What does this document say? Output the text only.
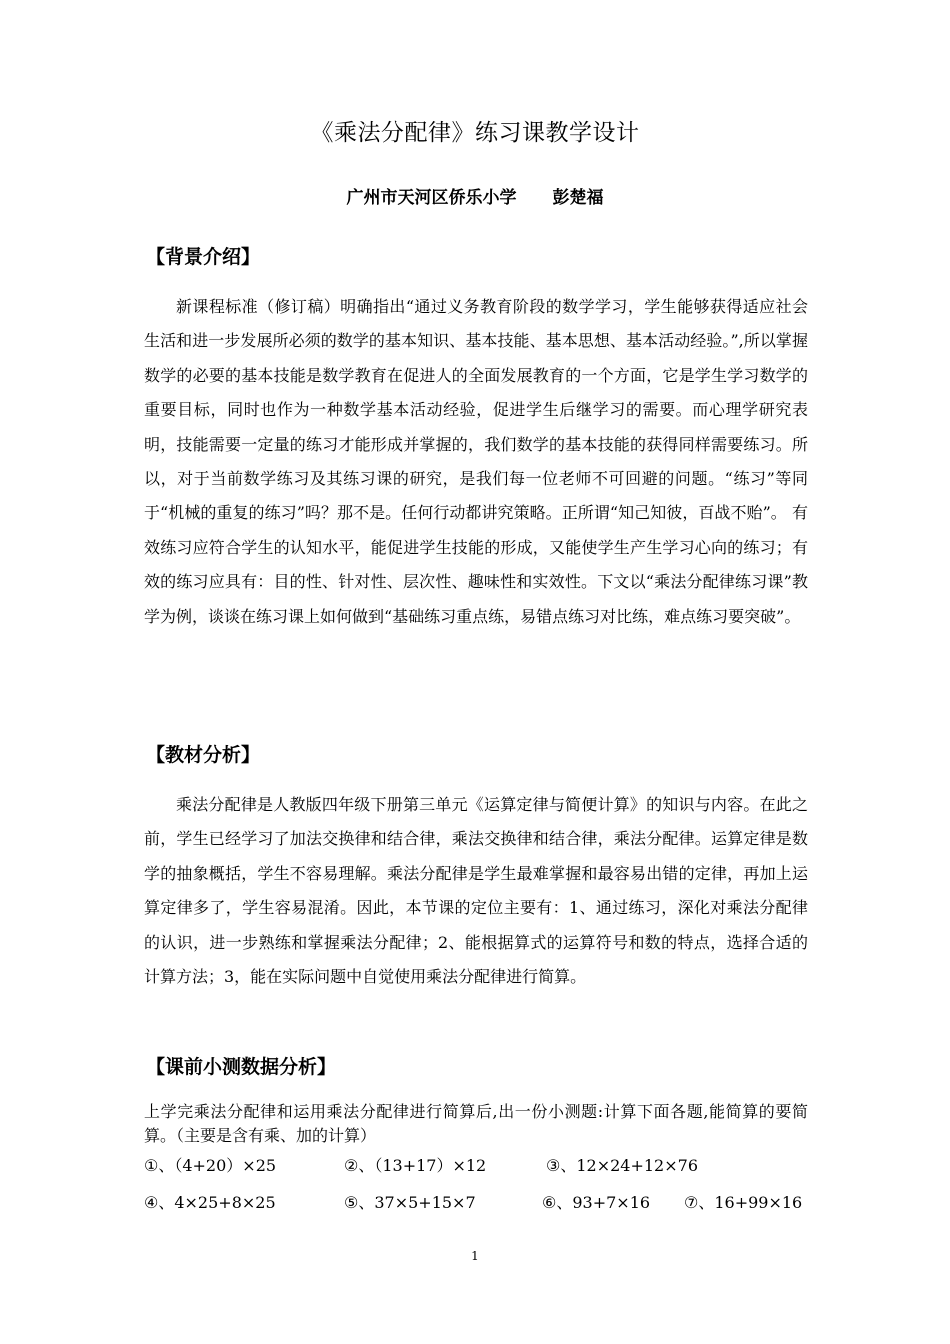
《乘法分配律》练习课教学设计
广州市天河区侨乐小学 彭楚福
【背景介绍】

新课程标准（修订稿）明确指出“通过义务教育阶段的数学学习，学生能够获得适应社会生活和进一步发展所必须的数学的基本知识、基本技能、基本思想、基本活动经验。”,所以掌握数学的必要的基本技能是数学教育在促进人的全面发展教育的一个方面，它是学生学习数学的重要目标，同时也作为一种数学基本活动经验，促进学生后继学习的需要。而心理学研究表明，技能需要一定量的练习才能形成并掌握的，我们数学的基本技能的获得同样需要练习。所以，对于当前数学练习及其练习课的研究，是我们每一位老师不可回避的问题。“练习”等同于“机械的重复的练习”吗？那不是。任何行动都讲究策略。正所谓“知己知彼，百战不贻”。 有效练习应符合学生的认知水平，能促进学生技能的形成，又能使学生产生学习心向的练习；有效的练习应具有：目的性、针对性、层次性、趣味性和实效性。下文以“乘法分配律练习课”教学为例，谈谈在练习课上如何做到“基础练习重点练，易错点练习对比练，难点练习要突破”。

【教材分析】

乘法分配律是人教版四年级下册第三单元《运算定律与简便计算》的知识与内容。在此之前，学生已经学习了加法交换律和结合律，乘法交换律和结合律，乘法分配律。运算定律是数学的抽象概括，学生不容易理解。乘法分配律是学生最难掌握和最容易出错的定律，再加上运算定律多了，学生容易混淆。因此，本节课的定位主要有：1、通过练习，深化对乘法分配律的认识，进一步熟练和掌握乘法分配律；2、能根据算式的运算符号和数的特点，选择合适的计算方法；3，能在实际问题中自觉使用乘法分配律进行简算。

【课前小测数据分析】

上学完乘法分配律和运用乘法分配律进行简算后,出一份小测题:计算下面各题,能简算的要简算。（主要是含有乘、加的计算）

①、（4+20）×25	②、（13+17）×12	③、12×24+12×76
④、4×25+8×25	⑤、37×5+15×7	⑥、93+7×16 ⑦、16+99×16
1
